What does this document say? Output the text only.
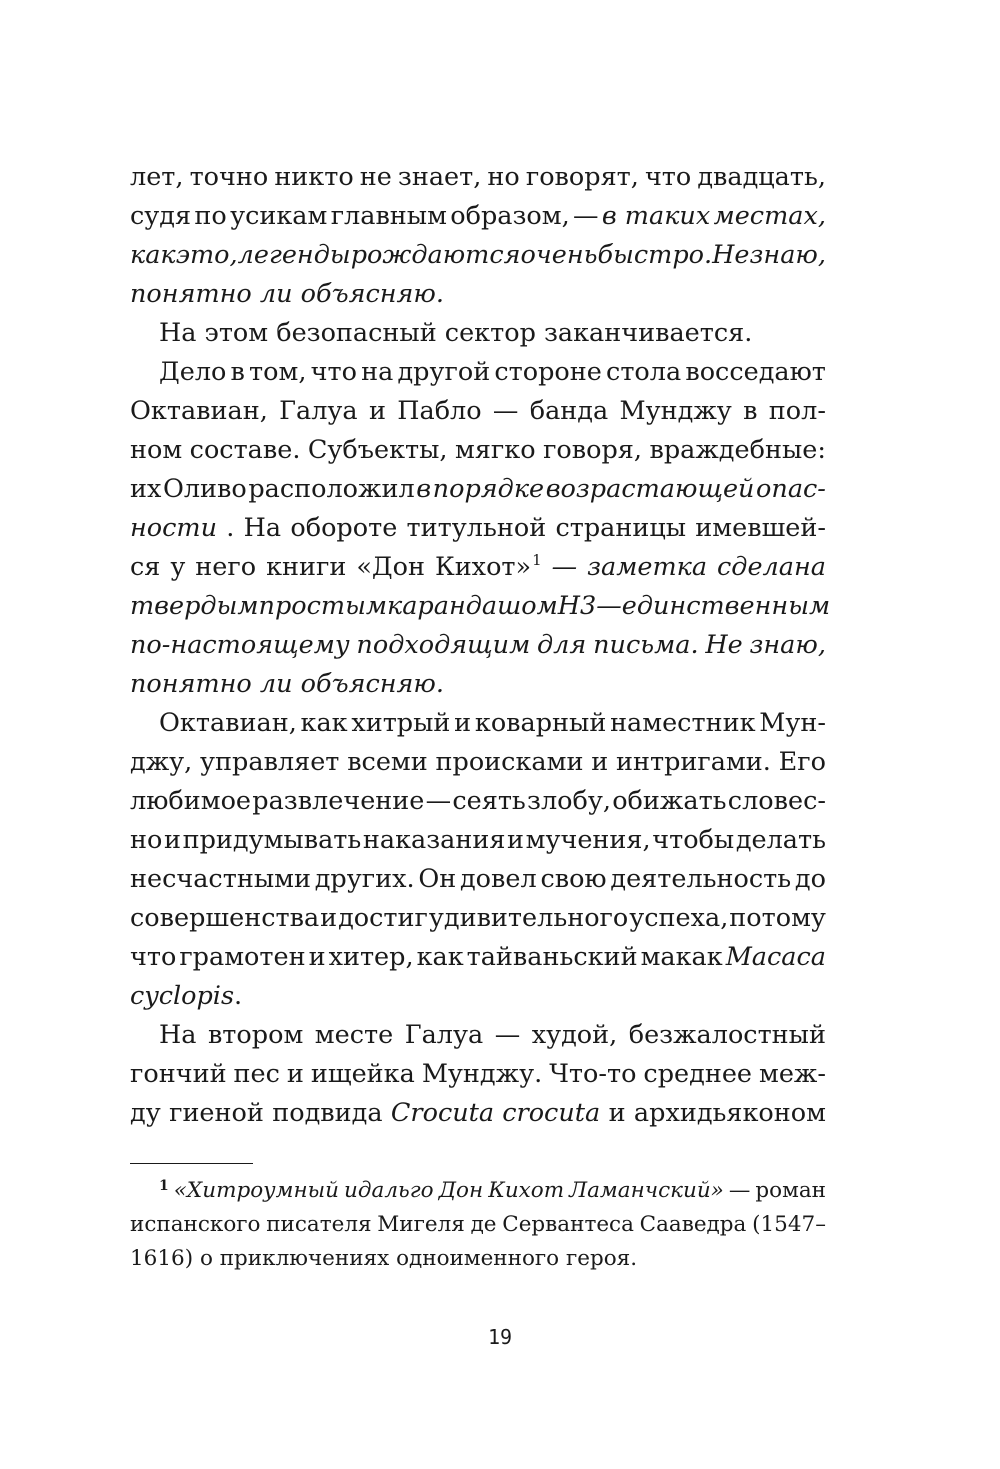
лет, точно никто не знает, но говорят, что двадцать,
судя по усикам главным образом, — в таких местах,
как это, легенды рождаются очень быстро. Не знаю,
понятно ли объясняю.
На этом безопасный сектор заканчивается.
Дело в том, что на другой стороне стола восседают
Октавиан, Галуа и Пабло — банда Мунджу в пол-
ном составе. Субъекты, мягко говоря, враждебные:
их Оливо расположил в порядке возрастающей опас-
ности . На обороте титульной страницы имевшей-
ся у него книги «Дон Кихот»$^1$ — заметка сделана
твердым простым карандашом Н3 — единственным
по-настоящему подходящим для письма. Не знаю,
понятно ли объясняю.
Октавиан, как хитрый и коварный наместник Мун-
джу, управляет всеми происками и интригами. Его
любимое развлечение — сеять злобу, обижать словес-
но и придумывать наказания и мучения, чтобы делать
несчастными других. Он довел свою деятельность до
совершенства и достиг удивительного успеха, потому
что грамотен и хитер, как тайваньский макак Macaca
cyclopis .
На втором месте Галуа — худой, безжалостный
гончий пес и ищейка Мунджу. Что-то среднее меж-
ду гиеной подвида Crocuta crocuta и архидьяконом
1 «Хитроумный идальго Дон Кихот Ламанчский» — роман
испанского писателя Мигеля де Сервантеса Сааведра (1547–
1616) о приключениях одноименного героя.
19
